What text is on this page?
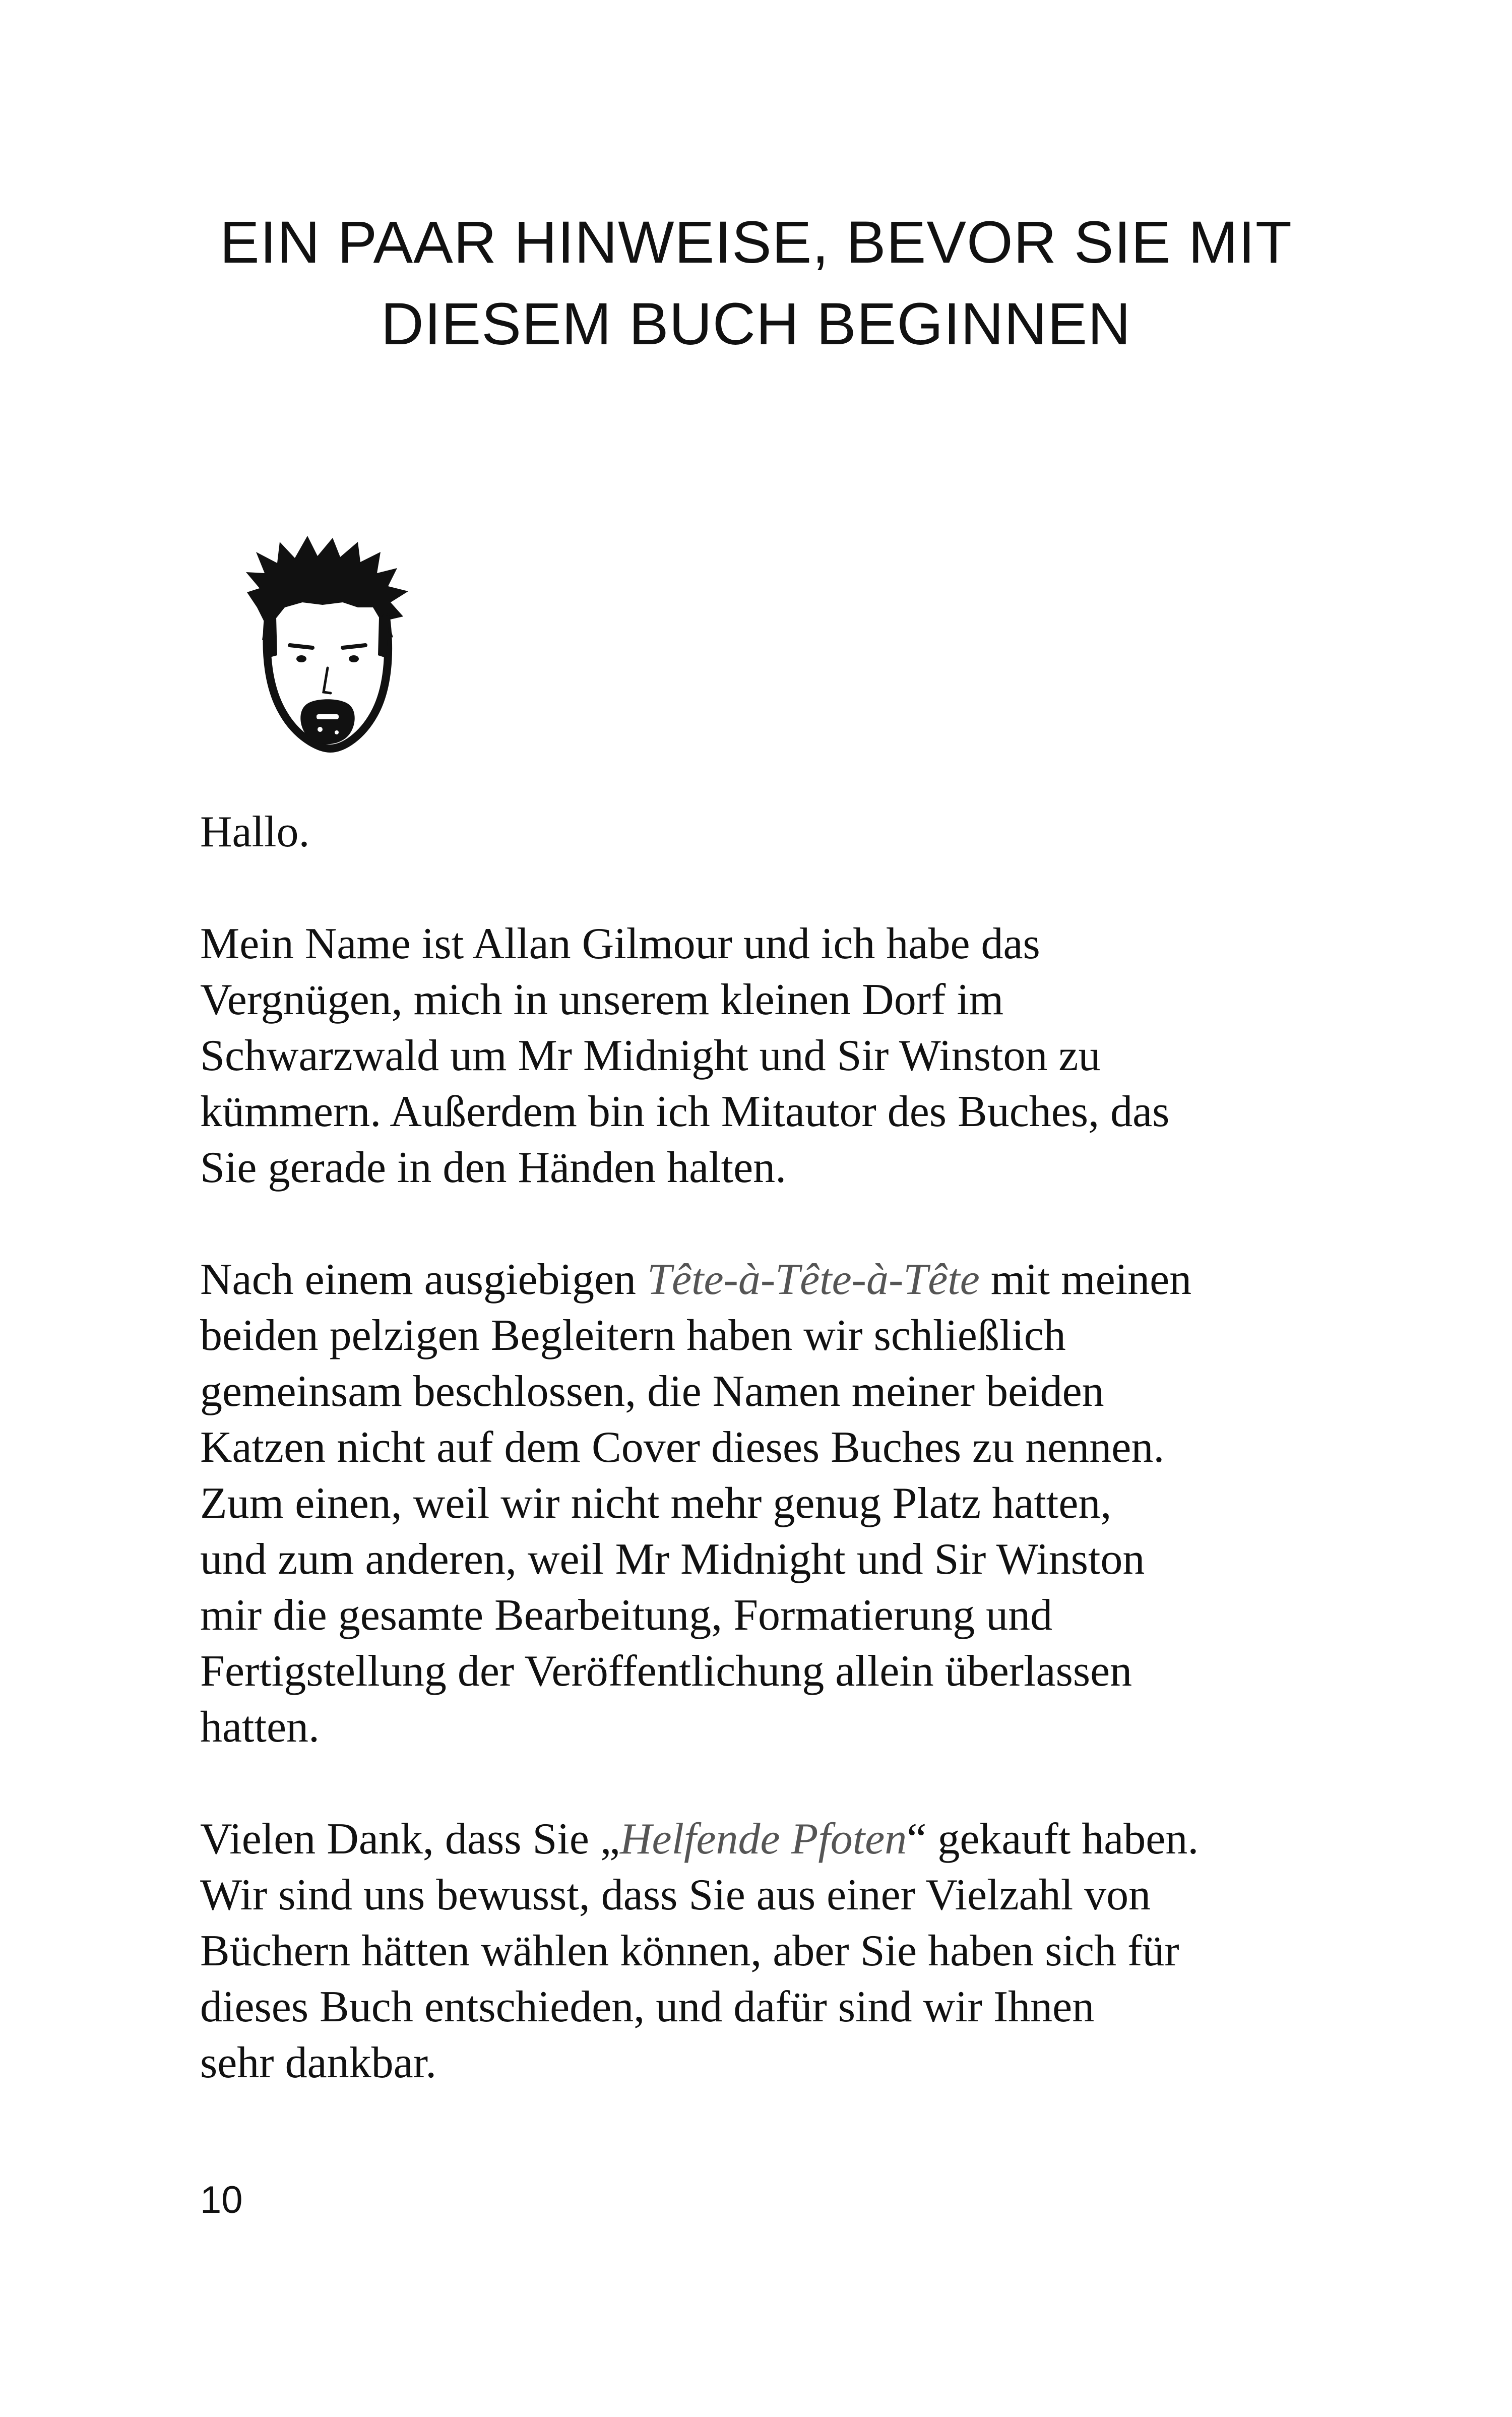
EIN PAAR HINWEISE, BEVOR SIE MIT
DIESEM BUCH BEGINNEN

Hallo.

Mein Name ist Allan Gilmour und ich habe das
Vergnügen, mich in unserem kleinen Dorf im
Schwarzwald um Mr Midnight und Sir Winston zu
kümmern. Außerdem bin ich Mitautor des Buches, das
Sie gerade in den Händen halten.

Nach einem ausgiebigen Tête-à-Tête-à-Tête mit meinen
beiden pelzigen Begleitern haben wir schließlich
gemeinsam beschlossen, die Namen meiner beiden
Katzen nicht auf dem Cover dieses Buches zu nennen.
Zum einen, weil wir nicht mehr genug Platz hatten,
und zum anderen, weil Mr Midnight und Sir Winston
mir die gesamte Bearbeitung, Formatierung und
Fertigstellung der Veröffentlichung allein überlassen
hatten.

Vielen Dank, dass Sie „Helfende Pfoten“ gekauft haben.
Wir sind uns bewusst, dass Sie aus einer Vielzahl von
Büchern hätten wählen können, aber Sie haben sich für
dieses Buch entschieden, und dafür sind wir Ihnen
sehr dankbar.

10
